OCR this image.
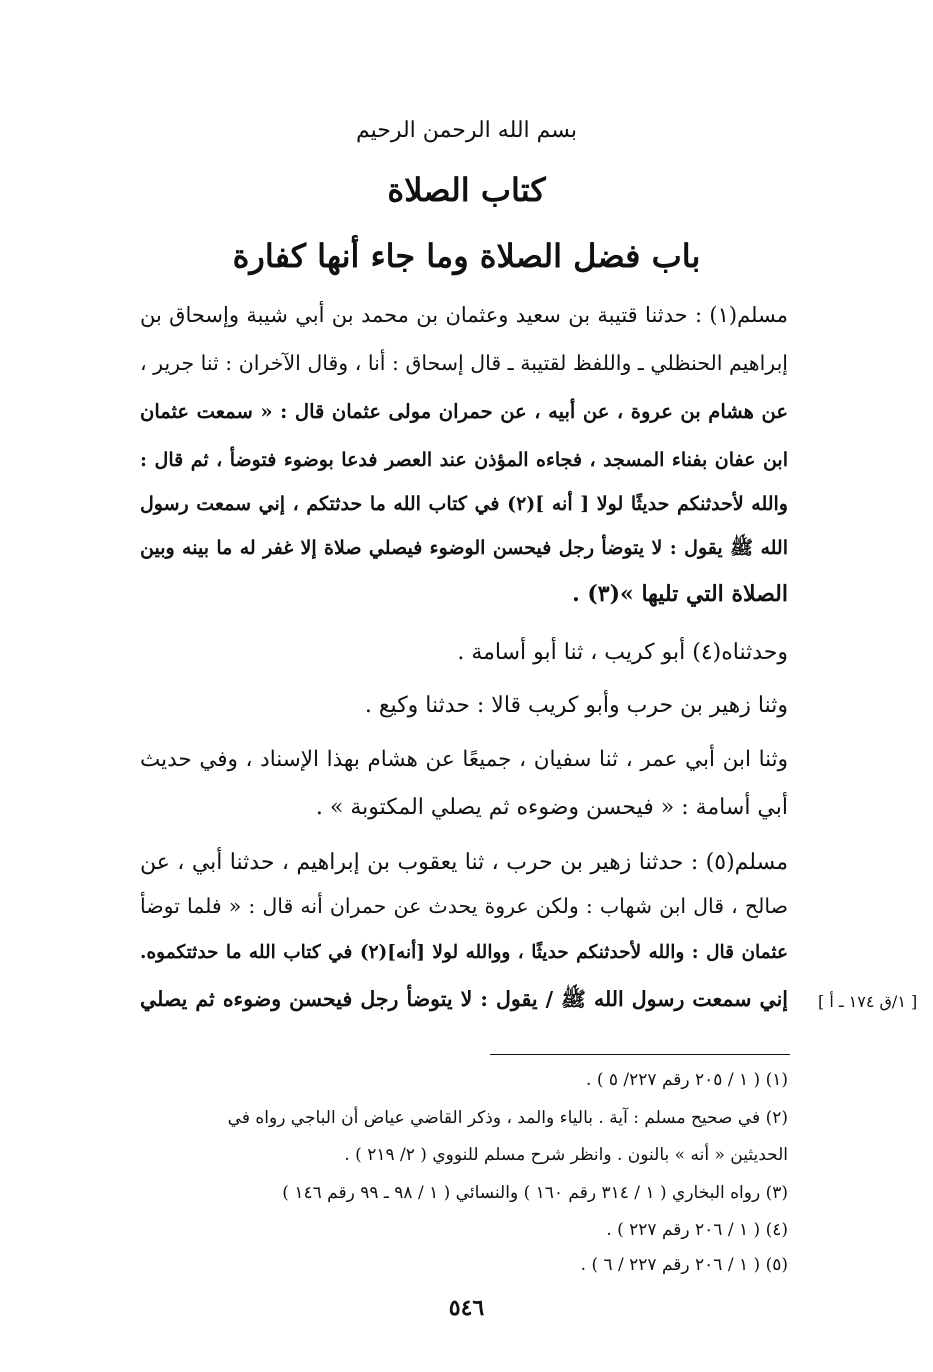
بسم الله الرحمن الرحيم
كتاب الصلاة
باب فضل الصلاة وما جاء أنها كفارة
مسلم(١) : حدثنا قتيبة بن سعيد وعثمان بن محمد بن أبي شيبة وإسحاق بن
إبراهيم الحنظلي ـ واللفظ لقتيبة ـ قال إسحاق : أنا ، وقال الآخران : ثنا جرير ،
عن هشام بن عروة ، عن أبيه ، عن حمران مولى عثمان قال : « سمعت عثمان
ابن عفان بفناء المسجد ، فجاءه المؤذن عند العصر فدعا بوضوء فتوضأ ، ثم قال :
والله لأحدثنكم حديثًا لولا [ أنه ](٢) في كتاب الله ما حدثتكم ، إني سمعت رسول
الله ﷺ يقول : لا يتوضأ رجل فيحسن الوضوء فيصلي صلاة إلا غفر له ما بينه وبين
الصلاة التي تليها »(٣) .
وحدثناه(٤) أبو كريب ، ثنا أبو أسامة .
وثنا زهير بن حرب وأبو كريب قالا : حدثنا وكيع .
وثنا ابن أبي عمر ، ثنا سفيان ، جميعًا عن هشام بهذا الإسناد ، وفي حديث
أبي أسامة : « فيحسن وضوءه ثم يصلي المكتوبة » .
مسلم(٥) : حدثنا زهير بن حرب ، ثنا يعقوب بن إبراهيم ، حدثنا أبي ، عن
صالح ، قال ابن شهاب : ولكن عروة يحدث عن حمران أنه قال : « فلما توضأ
عثمان قال : والله لأحدثنكم حديثًا ، ووالله لولا [أنه](٢) في كتاب الله ما حدثتكموه.
إني سمعت رسول الله ﷺ / يقول : لا يتوضأ رجل فيحسن وضوءه ثم يصلي [ ١/ق ١٧٤ ـ أ ]
(١) ( ١ / ٢٠٥ رقم ٢٢٧/ ٥ ) .
(٢) في صحيح مسلم : آية . بالياء والمد ، وذكر القاضي عياض أن الباجي رواه في
الحديثين « أنه » بالنون . وانظر شرح مسلم للنووي ( ٢/ ٢١٩ ) .
(٣) رواه البخاري ( ١ / ٣١٤ رقم ١٦٠ ) والنسائي ( ١ / ٩٨ ـ ٩٩ رقم ١٤٦ )
(٤) ( ١ / ٢٠٦ رقم ٢٢٧ ) .
(٥) ( ١ / ٢٠٦ رقم ٢٢٧ / ٦ ) .
٥٤٦
